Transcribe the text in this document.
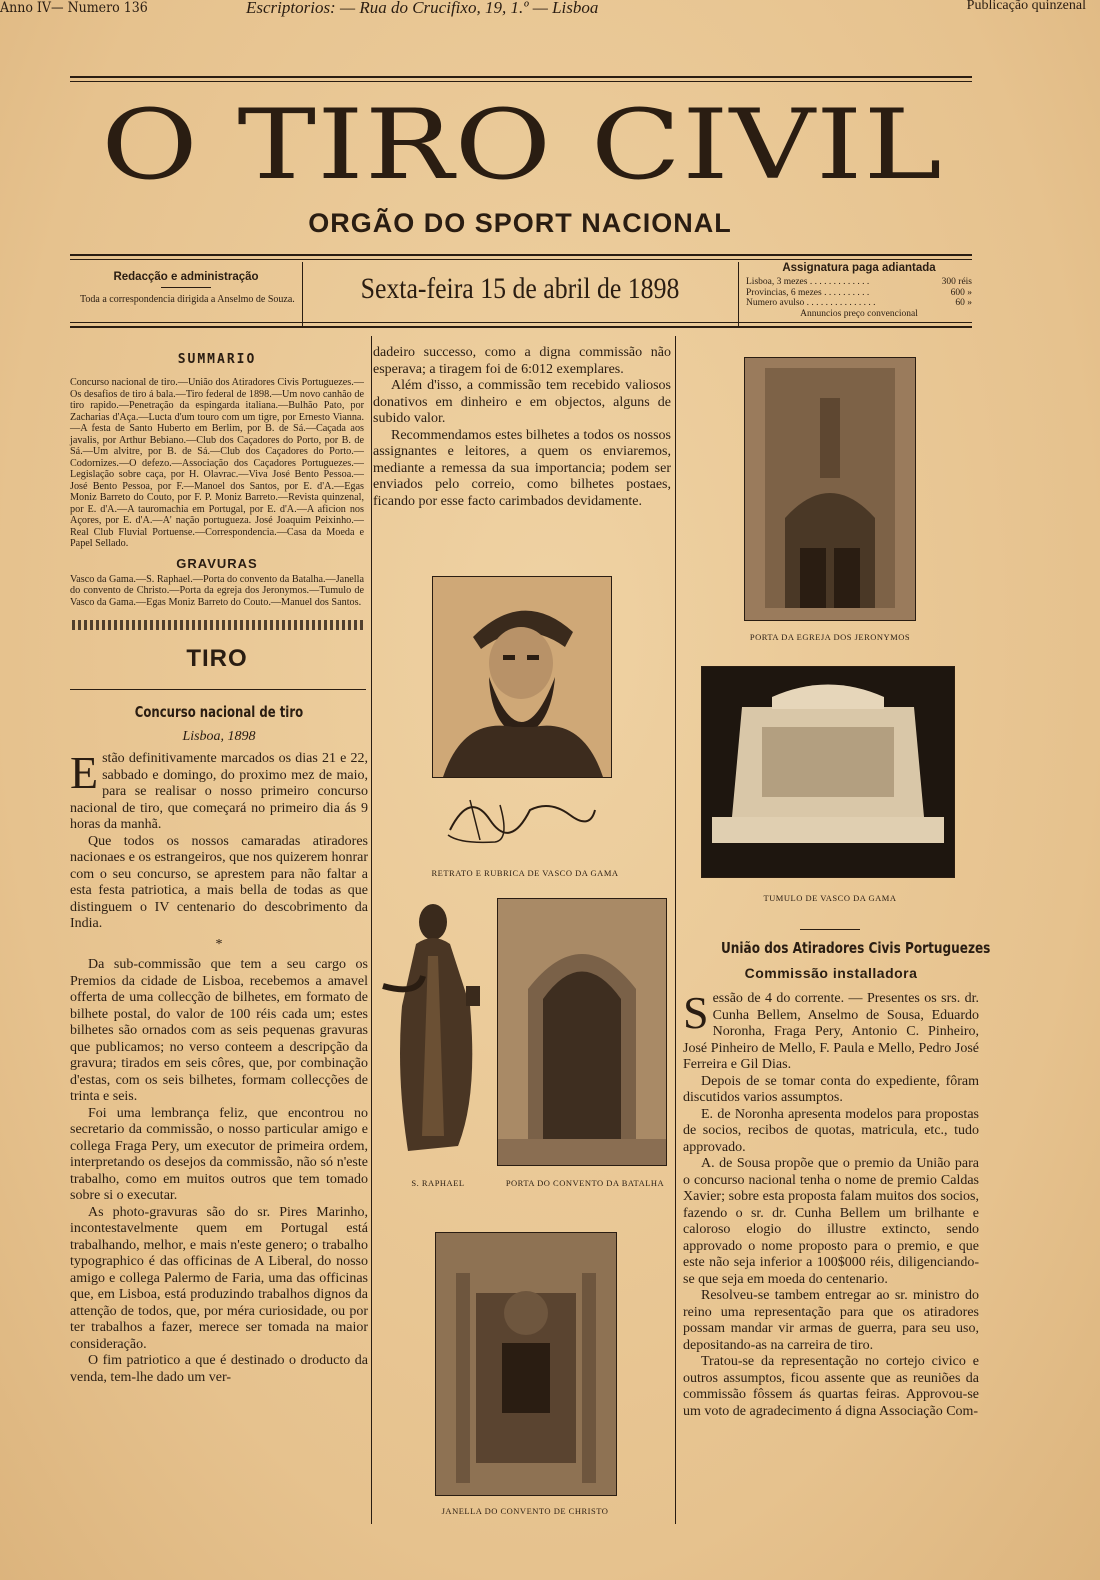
Anno IV— Numero 136	Escriptorios: — Rua do Crucifixo, 19, 1.º — Lisboa	Publicação quinzenal
O TIRO CIVIL
ORGÃO DO SPORT NACIONAL
Redacção e administração
Toda a correspondencia dirigida a Anselmo de Souza.	Sexta-feira 15 de abril de 1898
Assignatura paga adiantada
Lisboa, 3 mezes . . . . . . . . . . . . .	300 réis
Provincias, 6 mezes . . . . . . . . . .	600 »
Numero avulso . . . . . . . . . . . . . . .	60 »
Annuncios preço convencional
SUMMARIO
Concurso nacional de tiro.—União dos Atiradores Civis Portuguezes.—Os desafios de tiro á bala.—Tiro federal de 1898.—Um novo canhão de tiro rapido.—Penetração da espingarda italiana.—Bulhão Pato, por Zacharias d'Aça.—Lucta d'um touro com um tigre, por Ernesto Vianna.—A festa de Santo Huberto em Berlim, por B. de Sá.—Caçada aos javalis, por Arthur Bebiano.—Club dos Caçadores do Porto, por B. de Sá.—Um alvitre, por B. de Sá.—Club dos Caçadores do Porto.—Codornizes.—O defezo.—Associação dos Caçadores Portuguezes.—Legislação sobre caça, por H. Olavrac.—Viva José Bento Pessoa.—José Bento Pessoa, por F.—Manoel dos Santos, por E. d'A.—Egas Moniz Barreto do Couto, por F. P. Moniz Barreto.—Revista quinzenal, por E. d'A.—A tauromachia em Portugal, por E. d'A.—A aficion nos Açores, por E. d'A.—A' nação portugueza. José Joaquim Peixinho.—Real Club Fluvial Portuense.—Correspondencia.—Casa da Moeda e Papel Sellado.
GRAVURAS
Vasco da Gama.—S. Raphael.—Porta do convento da Batalha.—Janella do convento de Christo.—Porta da egreja dos Jeronymos.—Tumulo de Vasco da Gama.—Egas Moniz Barreto do Couto.—Manuel dos Santos.
TIRO
Concurso nacional de tiro
Lisboa, 1898

Estão definitivamente marcados os dias 21 e 22, sabbado e domingo, do proximo mez de maio, para se realisar o nosso primeiro concurso nacional de tiro, que começará no primeiro dia ás 9 horas da manhã.

Que todos os nossos camaradas atiradores nacionaes e os estrangeiros, que nos quizerem honrar com o seu concurso, se aprestem para não faltar a esta festa patriotica, a mais bella de todas as que distinguem o IV centenario do descobrimento da India.

*

Da sub-commissão que tem a seu cargo os Premios da cidade de Lisboa, recebemos a amavel offerta de uma collecção de bilhetes, em formato de bilhete postal, do valor de 100 réis cada um; estes bilhetes são ornados com as seis pequenas gravuras que publicamos; no verso conteem a descripção da gravura; tirados em seis côres, que, por combinação d'estas, com os seis bilhetes, formam collecções de trinta e seis.

Foi uma lembrança feliz, que encontrou no secretario da commissão, o nosso particular amigo e collega Fraga Pery, um executor de primeira ordem, interpretando os desejos da commissão, não só n'este trabalho, como em muitos outros que tem tomado sobre si o executar.

As photo-gravuras são do sr. Pires Marinho, incontestavelmente quem em Portugal está trabalhando, melhor, e mais n'este genero; o trabalho typographico é das officinas de A Liberal, do nosso amigo e collega Palermo de Faria, uma das officinas que, em Lisboa, está produzindo trabalhos dignos da attenção de todos, que, por méra curiosidade, ou por ter trabalhos a fazer, merece ser tomada na maior consideração.

O fim patriotico a que é destinado o droducto da venda, tem-lhe dado um ver-

dadeiro successo, como a digna commissão não esperava; a tiragem foi de 6:012 exemplares.

Além d'isso, a commissão tem recebido valiosos donativos em dinheiro e em objectos, alguns de subido valor.

Recommendamos estes bilhetes a todos os nossos assignantes e leitores, a quem os enviaremos, mediante a remessa da sua importancia; podem ser enviados pelo correio, como bilhetes postaes, ficando por esse facto carimbados devidamente.

RETRATO E RUBRICA DE VASCO DA GAMA
S. RAPHAEL	PORTA DO CONVENTO DA BATALHA
JANELLA DO CONVENTO DE CHRISTO
PORTA DA EGREJA DOS JERONYMOS
TUMULO DE VASCO DA GAMA
União dos Atiradores Civis Portuguezes
Commissão installadora

Sessão de 4 do corrente. — Presentes os srs. dr. Cunha Bellem, Anselmo de Sousa, Eduardo Noronha, Fraga Pery, Antonio C. Pinheiro, José Pinheiro de Mello, F. Paula e Mello, Pedro José Ferreira e Gil Dias.

Depois de se tomar conta do expediente, fôram discutidos varios assumptos.

E. de Noronha apresenta modelos para propostas de socios, recibos de quotas, matricula, etc., tudo approvado.

A. de Sousa propõe que o premio da União para o concurso nacional tenha o nome de premio Caldas Xavier; sobre esta proposta falam muitos dos socios, fazendo o sr. dr. Cunha Bellem um brilhante e caloroso elogio do illustre extincto, sendo approvado o nome proposto para o premio, e que este não seja inferior a 100$000 réis, diligenciando-se que seja em moeda do centenario.

Resolveu-se tambem entregar ao sr. ministro do reino uma representação para que os atiradores possam mandar vir armas de guerra, para seu uso, depositando-as na carreira de tiro.

Tratou-se da representação no cortejo civico e outros assumptos, ficou assente que as reuniões da commissão fôssem ás quartas feiras. Approvou-se um voto de agradecimento á digna Associação Com-
